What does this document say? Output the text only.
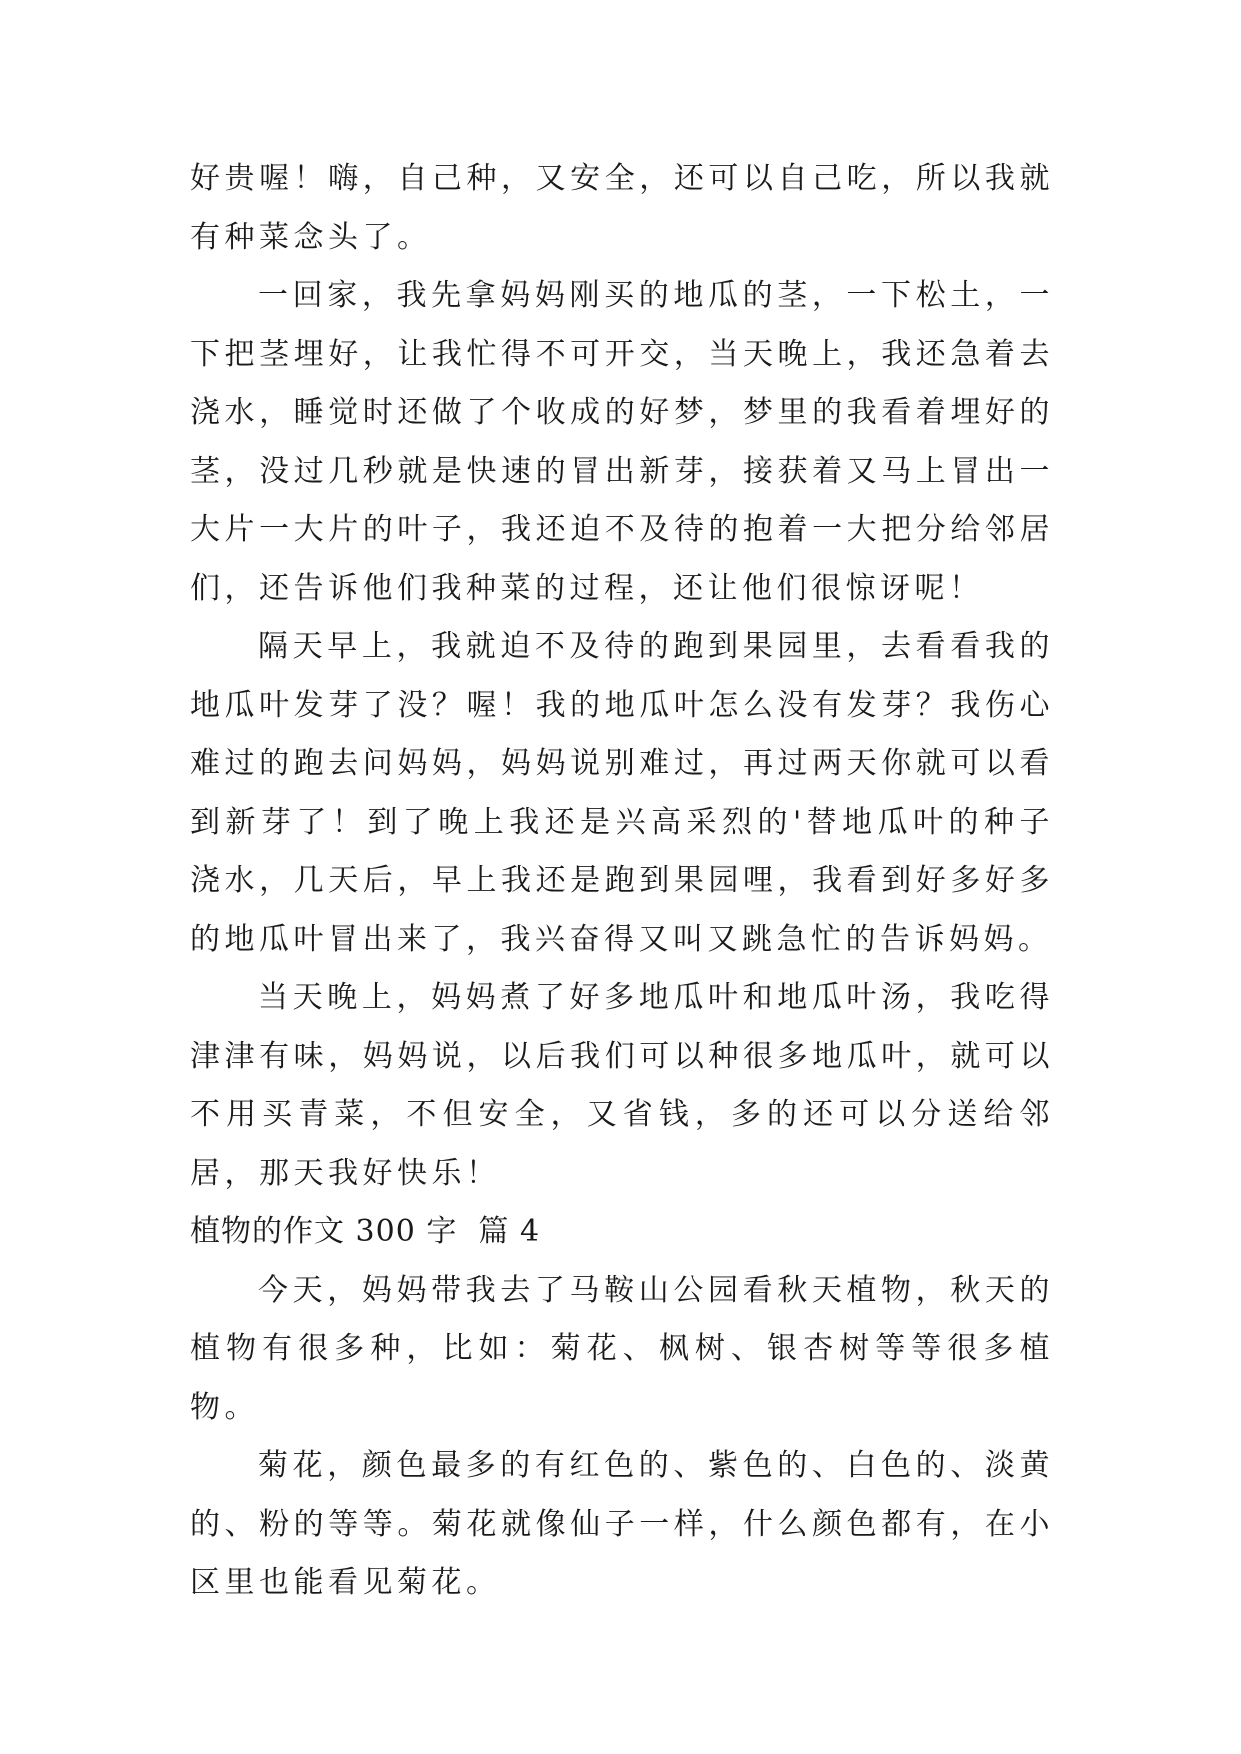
好贵喔！嗨，自己种，又安全，还可以自己吃，所以我就有种菜念头了。

一回家，我先拿妈妈刚买的地瓜的茎，一下松土，一下把茎埋好，让我忙得不可开交，当天晚上，我还急着去浇水，睡觉时还做了个收成的好梦，梦里的我看着埋好的茎，没过几秒就是快速的冒出新芽，接获着又马上冒出一大片一大片的叶子，我还迫不及待的抱着一大把分给邻居们，还告诉他们我种菜的过程，还让他们很惊讶呢！

隔天早上，我就迫不及待的跑到果园里，去看看我的地瓜叶发芽了没？喔！我的地瓜叶怎么没有发芽？我伤心难过的跑去问妈妈，妈妈说别难过，再过两天你就可以看到新芽了！到了晚上我还是兴高采烈的'替地瓜叶的种子浇水，几天后，早上我还是跑到果园哩，我看到好多好多的地瓜叶冒出来了，我兴奋得又叫又跳急忙的告诉妈妈。

当天晚上，妈妈煮了好多地瓜叶和地瓜叶汤，我吃得津津有味，妈妈说，以后我们可以种很多地瓜叶，就可以不用买青菜，不但安全，又省钱，多的还可以分送给邻居，那天我好快乐！

植物的作文 300 字  篇 4

今天，妈妈带我去了马鞍山公园看秋天植物，秋天的植物有很多种，比如：菊花、枫树、银杏树等等很多植物。

菊花，颜色最多的有红色的、紫色的、白色的、淡黄的、粉的等等。菊花就像仙子一样，什么颜色都有，在小区里也能看见菊花。
